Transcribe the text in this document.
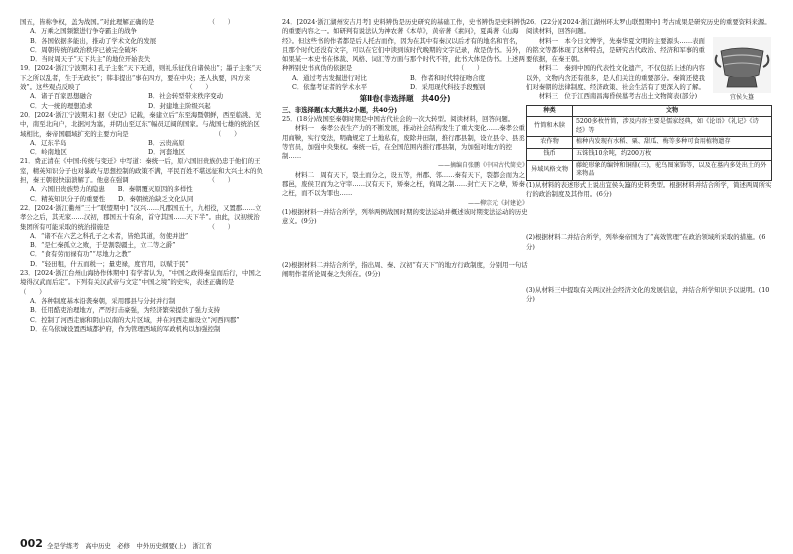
国五，皆称争权，盖为战国。”对此理解正确的是　　　　　　　　　（　　）
A．万乘之国频繁进行争夺霸主的战争
B．各国依据多能出，推动了学术文化的发展
C．周朝传统的政治秩序已被完全破坏
D．当时周天子“天下共主”的地位开始丧失
19．[2024·浙江宁波期末] 孔子主张“天下无道，则礼乐征伐自诸侯出”；墨子主张“天下之所以乱者，生于无政长”；韩非提出“事在四方，要在中央；圣人执要，四方来效”。这些观点反映了　　　　　　　　　　　　　　　　　（　　）
A．诸子百家思想融合	B．社会转型带来秩序变动
C．大一统的理想追求	D．封建地主阶级兴起
20．[2024·浙江宁波期末] 据《史记》记载，秦建立后“东至海暨朝鲜，西至临洮、羌中，南至北向户，北据河为塞，并阴山至辽东”幅员辽阔的国家。与战国七雄的统治区域相比，秦帝国疆域扩充的主要方向是　　　　　　　　　　　　　　（　　）
A．辽东半岛	B．云贵高原
C．岭南地区	D．河套地区
21．费正清在《中国:传统与变迁》中写道：秦统一后，原六国旧贵族仍忠于他们的王室，精英知识分子也对暴政与思想控制的政策不满，平民百姓不堪远征和大兴土木的负担，秦王朝很快崩溃解了。他意在强调　　　　　　　　　　　　　（　　）
A．六国旧贵族势力的隐患　　B．秦朝覆灭原因的多样性
C．精英知识分子的重要性　　D．秦朝统治缺乏文化认同
22．[2024·浙江衢州“三十”联盟期中] “汉兴……凡郡国五十，九相役，又置郡……立孝公之后，其无家……汉初，郡国五十有余，首守其国……天下半”。由此，汉初统治集团所有可能采取的统治措施是　　　　　　　　　　　　　　　　（　　）
A．“诸不在六艺之科孔子之术者，皆绝其道，勿使并进”
B．“是仁秦孤立之败，于是割裂疆土，立二等之爵”
C．“食有劳而禄有功”“尽地力之教”
D．“轻田租，什五而税一；量吏禄，度官用，以赋于民”
23．[2024·浙江台州山海协作体期中] 有学者认为，“中国之政得秦皇而后行，中国之境得汉武而后定”。下列有关汉武帝与文定“中国之境”的史实，表述正确的是　　　　　　　　（　　）
A．各种制度基本沿袭秦朝，采用郡县与分封并行制
B．任用酷吏治理地方，严厉打击豪强，为经济繁荣提供了强力支持
C．控制了河西走廊和阴山以南的大片区域，并在河西走廊设立“河西四郡”
D．在乌依城设置西域都护府，作为管理西域的军政机构以加强控制
24．[2024·浙江湖州安吉月考] 史料辨伪是历史研究的基础工作，史书辨伪是史料辨伪的重要内容之一。如研判有说法认为神农著《本草》，黄帝著《素问》，夏禹著《山海经》。但这些书的作者都是后人托古而作，因为在其中有秦汉以后才有的地名和官名，且那个时代还没有文字，可以在它们中读到该时代晚期的文字记录，故是伪书。另外，如果某一本史书在体裁、风格、词汇等方面与那个时代不符，此书大体是伪书。上述两种辨别史书真伪的依据是　　　　　　　　　　　　　　　　　（　　）
A．通过考古发掘进行对比	B．作者和时代特征吻合度
C．依靠考证者的学术水平	D．采用现代科技手段甄别
第Ⅱ卷(非选择题　共40分)
三、非选择题(本大题共2小题，共40分)
25．(18分)战国至秦朝时期是中国古代社会的一次大转型。阅读材料，回答问题。
材料一　秦孝公表生产力的不断发展，推动社会结构发生了重大变化……秦孝公重用商鞅，实行变法，明确规定了土地私有，废除井田制，推行郡县制，设立县令、县丞等官员，加强中央集权。秦统一后，在全国范围内推行郡县制，为加强对地方的控制……
——摘编自张鹏《中国古代简史》
材料二　周有天下，裂土而分之，设五等，州郡、邻……秦有天下，裂都会而为之郡邑，废侯卫而为之守宰……汉有天下，矫秦之枉，徇周之制……封亡天下之孽，矫秦之枉，而不以为罪也……
——柳宗元《封建论》
(1)根据材料一并结合所学，列举两例战国时期的变法运动并概述该时期变法运动的历史意义。(9分)
(2)根据材料二并结合所学，指出周、秦、汉初“有天下”的地方行政制度，分别用一句话阐明作者所论周秦之失所在。(9分)
26．(22分)[2024·浙江湖州环太罗山联盟期中] 考古成果是研究历史的重要资料来源。阅读材料，回答问题。
宜侯夨簋
材料一　本今日文博学，先秦华夏文明的主要源头……表面的铭文等都体现了这种特点，是研究古代政治、经济和军事的重要依据，在秦王朝。
材料二　秦到中国的代表性文化遗产，不仅包括上述的内容以外，文物内含还有很多，是人们关注的重要部分。秦简还使我们对秦朝的法律制度、经济政策、社会生活有了更深入的了解。
材料三　位于江西南昌海昏侯墓考古出土文物简表(部分)
种类	文物
竹简和木牍	5200多枚竹简，涉及内容主要是儒家经典，如《论语》《礼记》《诗经》等
农作物	植种内发现有水稻、粟、甜瓜、梅等多种可食用植物遗存
钱币	五铢钱10余吨，约200万枚
异域风格文物	藤蛇形象的编钟和铜鼎(三)，驼鸟图案饰等，以及在墓内多处出土的外来物品
(1)从材料的表述形式上说出宜侯夨簋的史料类型。根据材料并结合所学，简述两周所实行的政治制度及其作用。(6分)
(2)根据材料二并结合所学，列举秦帝国为了“高效管理”在政治领域所采取的措施。(6分)
(3)从材料三中提取有关两汉社会经济文化的发展信息，并结合所学知识予以说明。(10分)
002 全是学练考　高中历史　必修　中外历史纲要(上)　浙江省
